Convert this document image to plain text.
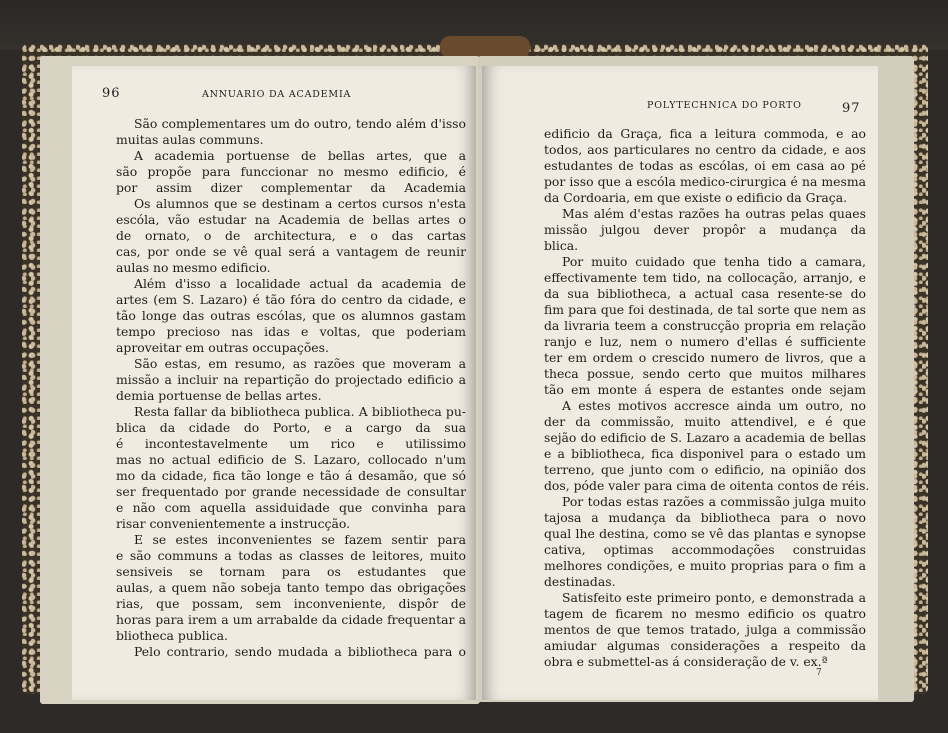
96	ANNUARIO DA ACADEMIA
São complementares um do outro, tendo além d'isso
muitas aulas communs.
A academia portuense de bellas artes, que a
são propõe para funccionar no mesmo edificio, é
por assim dizer complementar da Academia
Os alumnos que se destinam a certos cursos n'esta
escóla, vão estudar na Academia de bellas artes o
de ornato, o de architectura, e o das cartas
cas, por onde se vê qual será a vantagem de reunir
aulas no mesmo edificio.
Além d'isso a localidade actual da academia de
artes (em S. Lazaro) é tão fóra do centro da cidade, e
tão longe das outras escólas, que os alumnos gastam
tempo precioso nas idas e voltas, que poderiam
aproveitar em outras occupações.
São estas, em resumo, as razões que moveram a
missão a incluir na repartição do projectado edificio a
demia portuense de bellas artes.
Resta fallar da bibliotheca publica. A bibliotheca pu-
blica da cidade do Porto, e a cargo da sua
é incontestavelmente um rico e utilissimo
mas no actual edificio de S. Lazaro, collocado n'um
mo da cidade, fica tão longe e tão á desamão, que só
ser frequentado por grande necessidade de consultar
e não com aquella assiduidade que convinha para
risar convenientemente a instrucção.
E se estes inconvenientes se fazem sentir para
e são communs a todas as classes de leitores, muito
sensiveis se tornam para os estudantes que
aulas, a quem não sobeja tanto tempo das obrigações
rias, que possam, sem inconveniente, dispôr de
horas para irem a um arrabalde da cidade frequentar a
bliotheca publica.
Pelo contrario, sendo mudada a bibliotheca para o
POLYTECHNICA DO PORTO	97
edificio da Graça, fica a leitura commoda, e ao
todos, aos particulares no centro da cidade, e aos
estudantes de todas as escólas, oi em casa ao pé
por isso que a escóla medico-cirurgica é na mesma
da Cordoaria, em que existe o edificio da Graça.
Mas além d'estas razões ha outras pelas quaes
missão julgou dever propôr a mudança da
blica.
Por muito cuidado que tenha tido a camara,
effectivamente tem tido, na collocação, arranjo, e
da sua bibliotheca, a actual casa resente-se do
fim para que foi destinada, de tal sorte que nem as
da livraria teem a construcção propria em relação
ranjo e luz, nem o numero d'ellas é sufficiente
ter em ordem o crescido numero de livros, que a
theca possue, sendo certo que muitos milhares
tão em monte á espera de estantes onde sejam
A estes motivos accresce ainda um outro, no
der da commissão, muito attendivel, e é que
sejão do edificio de S. Lazaro a academia de bellas
e a bibliotheca, fica disponivel para o estado um
terreno, que junto com o edificio, na opinião dos
dos, póde valer para cima de oitenta contos de réis.
Por todas estas razões a commissão julga muito
tajosa a mudança da bibliotheca para o novo
qual lhe destina, como se vê das plantas e synopse
cativa, optimas accommodações construidas
melhores condições, e muito proprias para o fim a
destinadas.
Satisfeito este primeiro ponto, e demonstrada a
tagem de ficarem no mesmo edificio os quatro
mentos de que temos tratado, julga a commissão
amiudar algumas considerações a respeito da
obra e submettel-as á consideração de v. ex.ª
7
